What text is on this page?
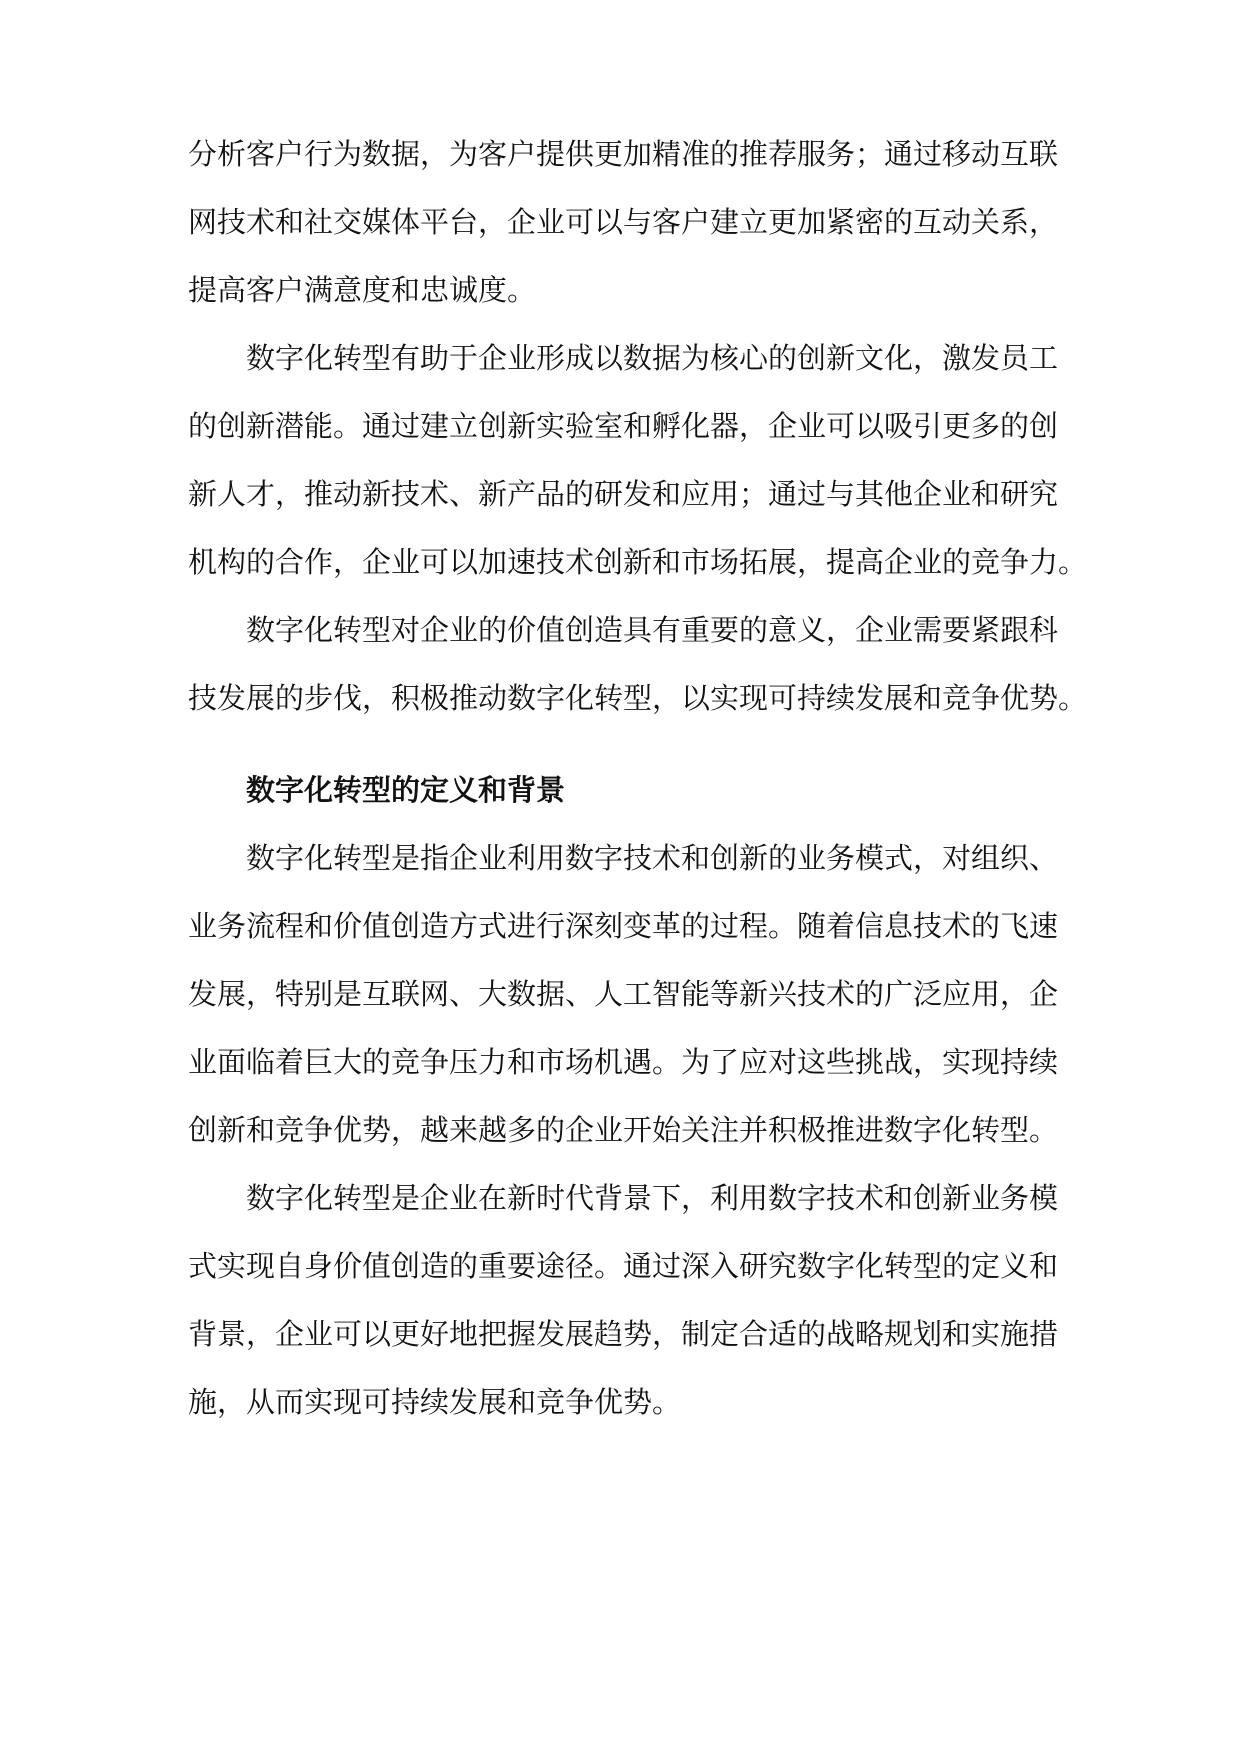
分析客户行为数据，为客户提供更加精准的推荐服务；通过移动互联
网技术和社交媒体平台，企业可以与客户建立更加紧密的互动关系，
提高客户满意度和忠诚度。
数字化转型有助于企业形成以数据为核心的创新文化，激发员工
的创新潜能。通过建立创新实验室和孵化器，企业可以吸引更多的创
新人才，推动新技术、新产品的研发和应用；通过与其他企业和研究
机构的合作，企业可以加速技术创新和市场拓展，提高企业的竞争力。
数字化转型对企业的价值创造具有重要的意义，企业需要紧跟科
技发展的步伐，积极推动数字化转型，以实现可持续发展和竞争优势。
数字化转型的定义和背景
数字化转型是指企业利用数字技术和创新的业务模式，对组织、
业务流程和价值创造方式进行深刻变革的过程。随着信息技术的飞速
发展，特别是互联网、大数据、人工智能等新兴技术的广泛应用，企
业面临着巨大的竞争压力和市场机遇。为了应对这些挑战，实现持续
创新和竞争优势，越来越多的企业开始关注并积极推进数字化转型。
数字化转型是企业在新时代背景下，利用数字技术和创新业务模
式实现自身价值创造的重要途径。通过深入研究数字化转型的定义和
背景，企业可以更好地把握发展趋势，制定合适的战略规划和实施措
施，从而实现可持续发展和竞争优势。
